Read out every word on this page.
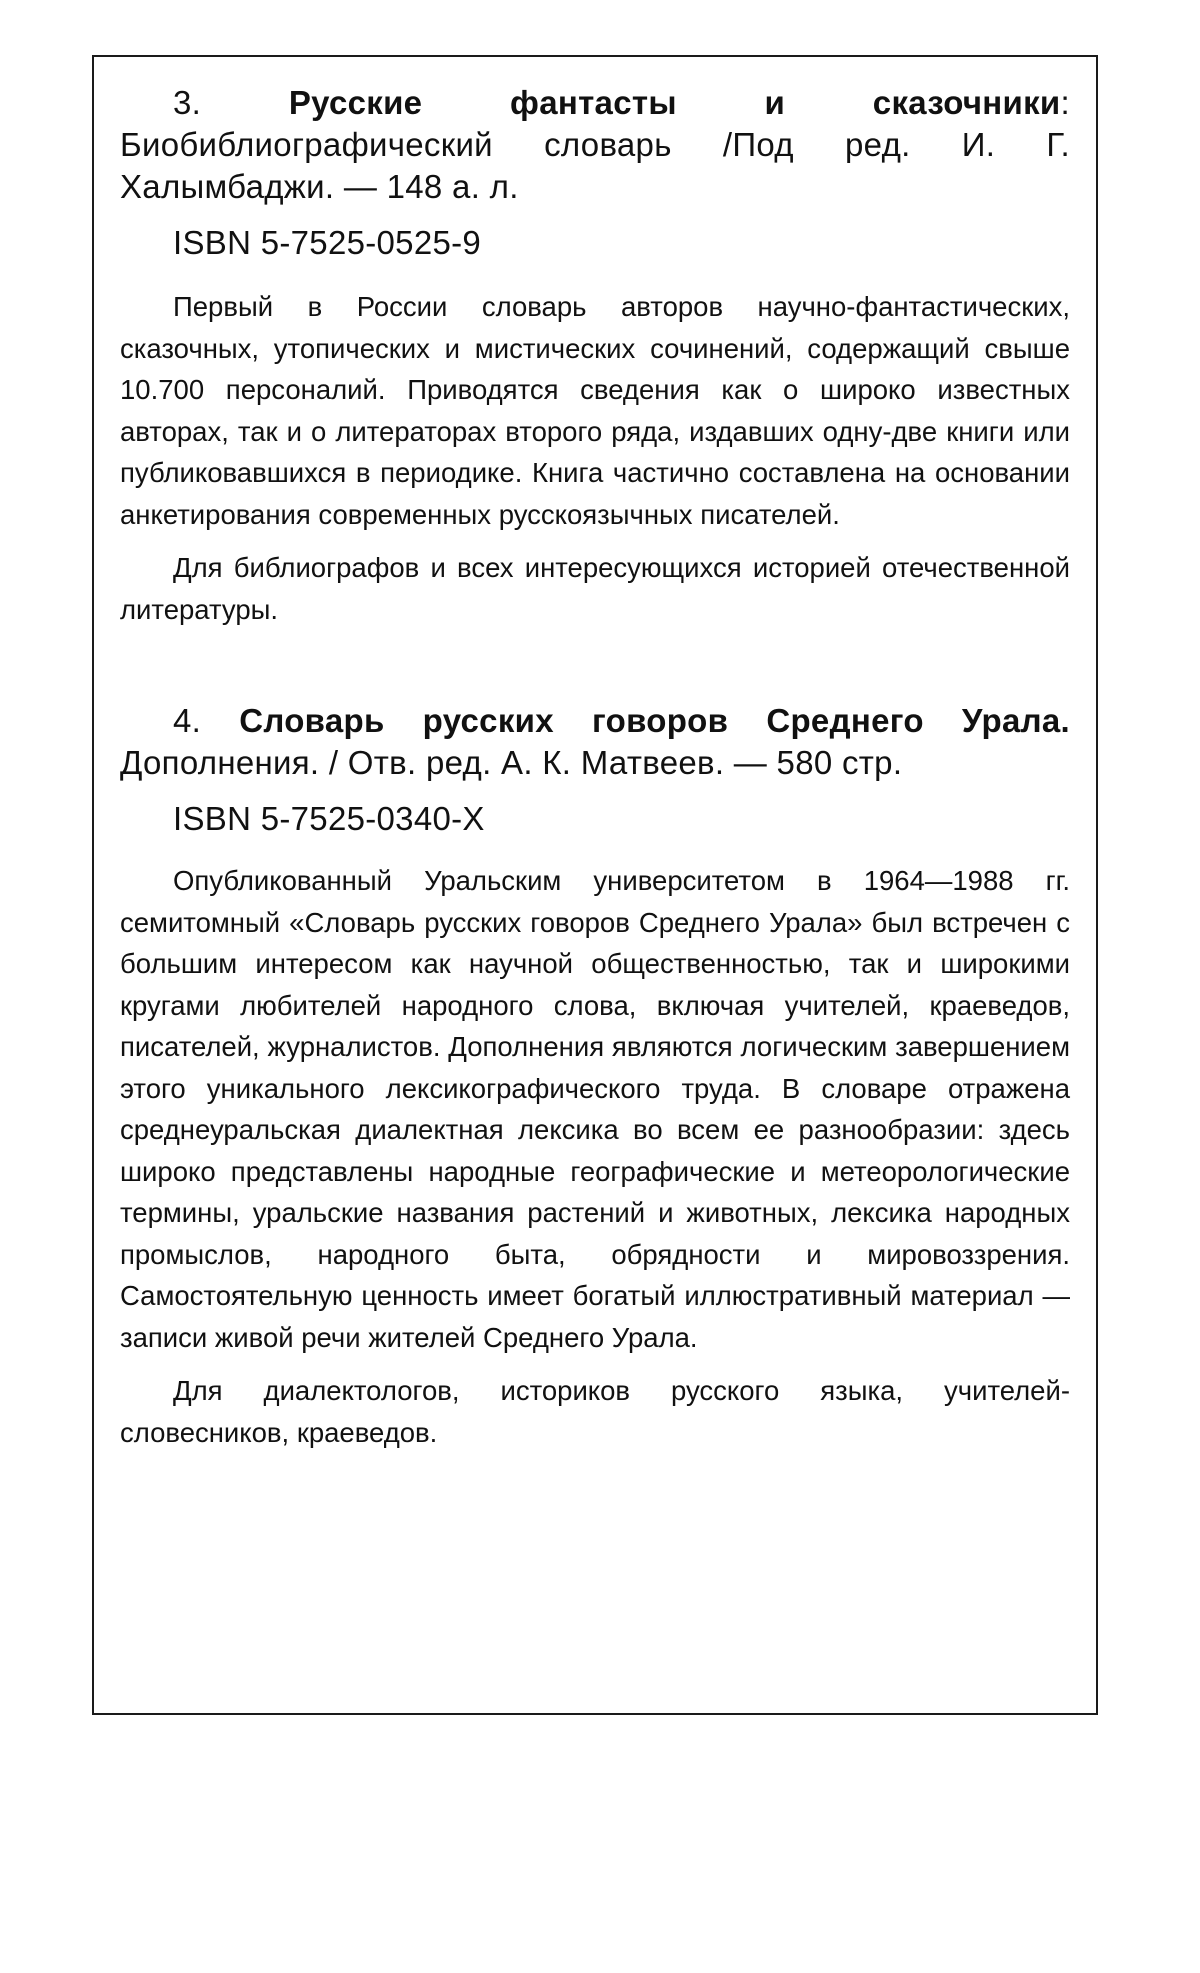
3.	Русские фантасты и сказочники: Биобиблиографический словарь /Под ред. И. Г. Халымбаджи. — 148 а. л.

ISBN 5-7525-0525-9

Первый в России словарь авторов научно-фантастических, сказочных, утопических и мистических сочинений, содержащий свыше 10.700 персоналий. Приводятся сведения как о широко известных авторах, так и о литераторах второго ряда, издавших одну-две книги или публиковавшихся в периодике. Книга частично составлена на основании анкетирования современных русскоязычных писателей.

Для библиографов и всех интересующихся историей отечественной литературы.

4. Словарь русских говоров Среднего Урала. Дополнения. / Отв. ред. А. К. Матвеев. — 580 стр.

ISBN 5-7525-0340-X

Опубликованный Уральским университетом в 1964—1988 гг. семитомный «Словарь русских говоров Среднего Урала» был встречен с большим интересом как научной общественностью, так и широкими кругами любителей народного слова, включая учителей, краеведов, писателей, журналистов. Дополнения являются логическим завершением этого уникального лексикографического труда. В словаре отражена среднеуральская диалектная лексика во всем ее разнообразии: здесь широко представлены народные географические и метеорологические термины, уральские названия растений и животных, лексика народных промыслов, народного быта, обрядности и мировоззрения. Самостоятельную ценность имеет богатый иллюстративный материал — записи живой речи жителей Среднего Урала.

Для диалектологов, историков русского языка, учителей-словесников, краеведов.
